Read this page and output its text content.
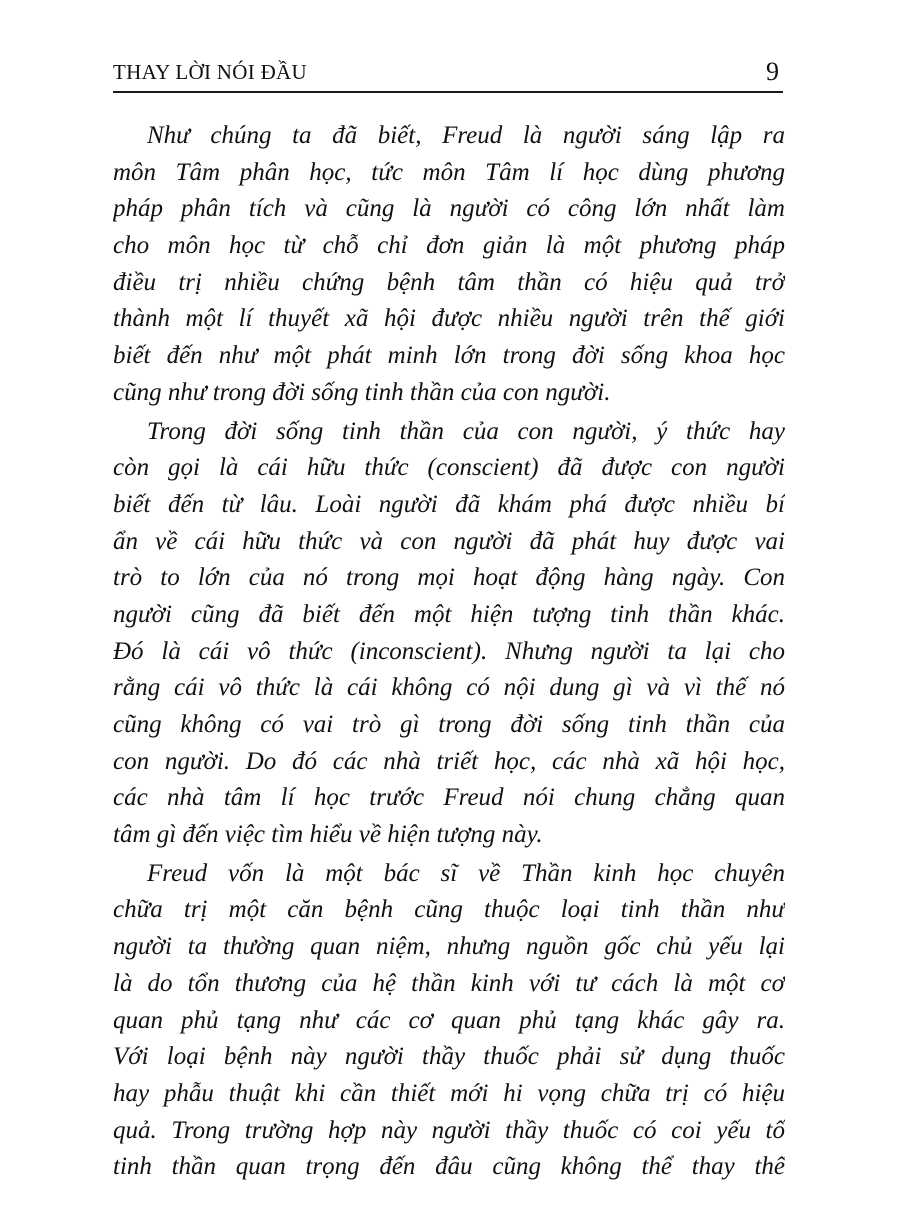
THAY LỜI NÓI ĐẦU	9
Như chúng ta đã biết, Freud là người sáng lập ra
môn Tâm phân học, tức môn Tâm lí học dùng phương
pháp phân tích và cũng là người có công lớn nhất làm
cho môn học từ chỗ chỉ đơn giản là một phương pháp
điều trị nhiều chứng bệnh tâm thần có hiệu quả trở
thành một lí thuyết xã hội được nhiều người trên thế giới
biết đến như một phát minh lớn trong đời sống khoa học
cũng như trong đời sống tinh thần của con người.
Trong đời sống tinh thần của con người, ý thức hay
còn gọi là cái hữu thức (conscient) đã được con người
biết đến từ lâu. Loài người đã khám phá được nhiều bí
ẩn về cái hữu thức và con người đã phát huy được vai
trò to lớn của nó trong mọi hoạt động hàng ngày. Con
người cũng đã biết đến một hiện tượng tinh thần khác.
Đó là cái vô thức (inconscient). Nhưng người ta lại cho
rằng cái vô thức là cái không có nội dung gì và vì thế nó
cũng không có vai trò gì trong đời sống tinh thần của
con người. Do đó các nhà triết học, các nhà xã hội học,
các nhà tâm lí học trước Freud nói chung chẳng quan
tâm gì đến việc tìm hiểu về hiện tượng này.
Freud vốn là một bác sĩ về Thần kinh học chuyên
chữa trị một căn bệnh cũng thuộc loại tinh thần như
người ta thường quan niệm, nhưng nguồn gốc chủ yếu lại
là do tổn thương của hệ thần kinh với tư cách là một cơ
quan phủ tạng như các cơ quan phủ tạng khác gây ra.
Với loại bệnh này người thầy thuốc phải sử dụng thuốc
hay phẫu thuật khi cần thiết mới hi vọng chữa trị có hiệu
quả. Trong trường hợp này người thầy thuốc có coi yếu tố
tinh thần quan trọng đến đâu cũng không thể thay thế
